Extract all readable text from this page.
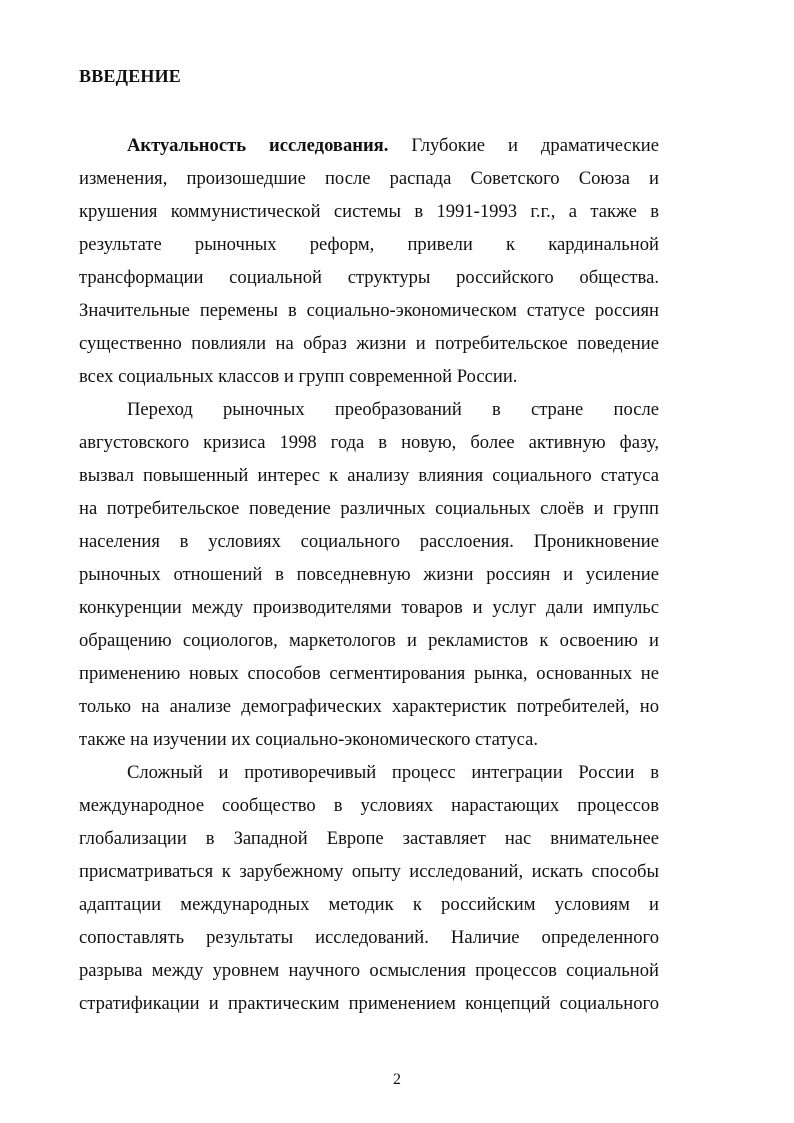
ВВЕДЕНИЕ
Актуальность исследования. Глубокие и драматические
изменения, произошедшие после распада Советского Союза и
крушения коммунистической системы в 1991-1993 г.г., а также в
результате рыночных реформ, привели к кардинальной
трансформации социальной структуры российского общества.
Значительные перемены в социально-экономическом статусе россиян
существенно повлияли на образ жизни и потребительское поведение
всех социальных классов и групп современной России.
Переход рыночных преобразований в стране после
августовского кризиса 1998 года в новую, более активную фазу,
вызвал повышенный интерес к анализу влияния социального статуса
на потребительское поведение различных социальных слоёв и групп
населения в условиях социального расслоения. Проникновение
рыночных отношений в повседневную жизни россиян и усиление
конкуренции между производителями товаров и услуг дали импульс
обращению социологов, маркетологов и рекламистов к освоению и
применению новых способов сегментирования рынка, основанных не
только на анализе демографических характеристик потребителей, но
также на изучении их социально-экономического статуса.
Сложный и противоречивый процесс интеграции России в
международное сообщество в условиях нарастающих процессов
глобализации в Западной Европе заставляет нас внимательнее
присматриваться к зарубежному опыту исследований, искать способы
адаптации международных методик к российским условиям и
сопоставлять результаты исследований. Наличие определенного
разрыва между уровнем научного осмысления процессов социальной
стратификации и практическим применением концепций социального
2
